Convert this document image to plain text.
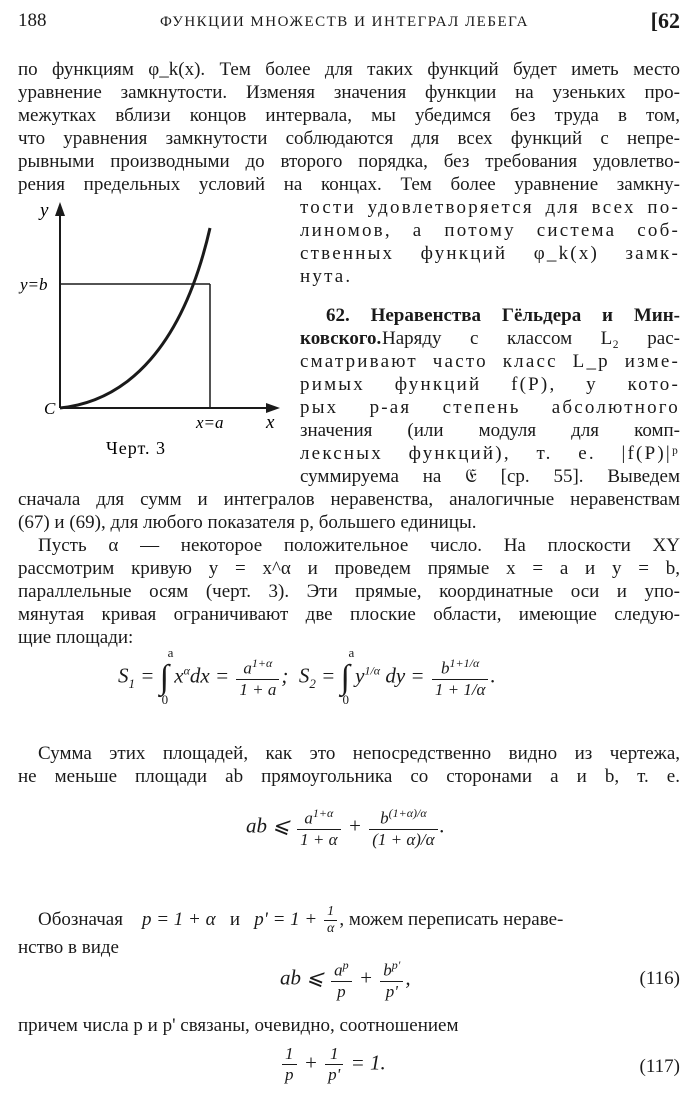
188	ФУНКЦИИ МНОЖЕСТВ И ИНТЕГРАЛ ЛЕБЕГА	[62
по функциям φ_k(x). Тем более для таких функций будет иметь место
уравнение замкнутости. Изменяя значения функции на узеньких про-
межутках вблизи концов интервала, мы убедимся без труда в том,
что уравнения замкнутости соблюдаются для всех функций с непре-
рывными производными до второго порядка, без требования удовлетво-
рения предельных условий на концах. Тем более уравнение замкну-
y
x
y=b
x=a
C
Черт. 3
тости удовлетворяется для всех по-
линомов, а потому система соб-
ственных функций φ_k(x) замк-
нута.
62. Неравенства Гёльдера и Мин-
ковского. Наряду с классом L₂ рас-
сматривают часто класс L_p изме-
римых функций f(P), у кото-
рых p-ая степень абсолютного
значения (или модуля для комп-
лексных функций), т. е. |f(P)|ᵖ
суммируема на 𝔈 [ср. 55]. Выведем
сначала для сумм и интегралов неравенства, аналогичные неравенствам
(67) и (69), для любого показателя p, большего единицы.
Пусть α — некоторое положительное число. На плоскости XY
рассмотрим кривую y = x^α и проведем прямые x = a и y = b,
параллельные осям (черт. 3). Эти прямые, координатные оси и упо-
мянутая кривая ограничивают две плоские области, имеющие следую-
щие площади:
$S_1$ = ∫
a
0
$x^\alpha dx = \frac{a^{1+\alpha}}{1 + a}$ ;  $S_2$ = ∫
a
0
$y^{1/\alpha}$ dy = $\frac{b^{1+1/\alpha}}{1 + 1/\alpha}$ .
Сумма этих площадей, как это непосредственно видно из чертежа,
не меньше площади ab прямоугольника со сторонами a и b, т. е.
ab ⩽ $\frac{a^{1+\alpha}}{1 + \alpha} + \frac{b^{(1+\alpha)/\alpha}}{(1 + \alpha)/\alpha}$ .
Обозначая p = 1 + α и $p' = 1 + \frac{1}{\alpha}$ , можем переписать нераве-
нство в виде
ab ⩽ $\frac{a^p}{p} + \frac{b^{p'}}{p'}$ ,	(116)
причем числа p и p' связаны, очевидно, соотношением
$\frac{1}{p} + \frac{1}{p'} = 1$.	(117)
